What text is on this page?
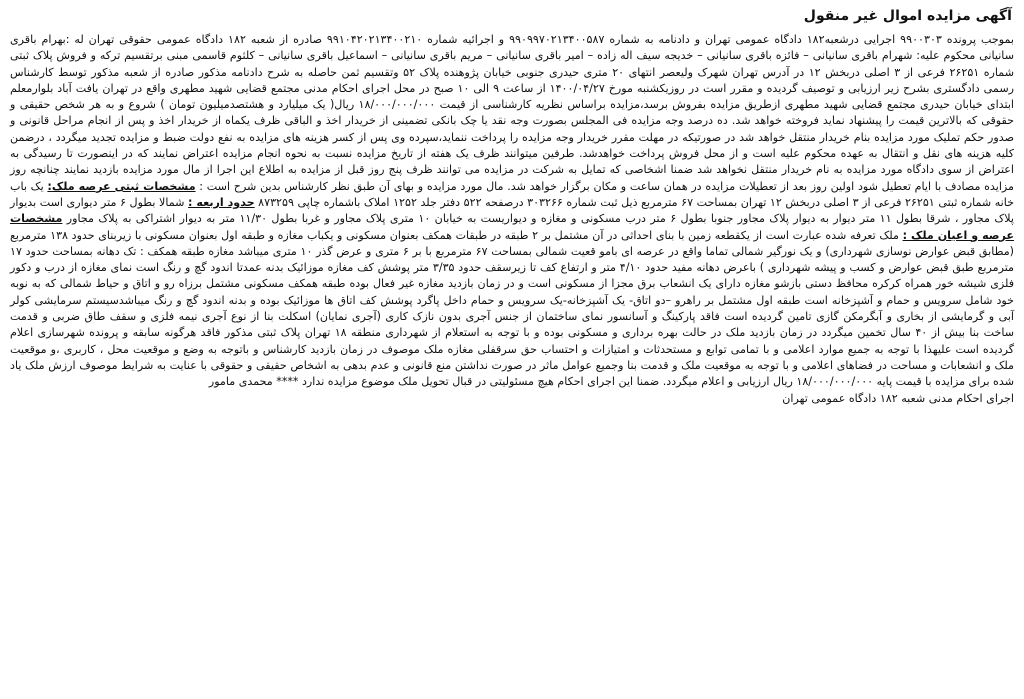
آگهی مزایده اموال غیر منقول

بموجب پرونده ۹۹۰۰۳۰۳ اجرایی درشعبه۱۸۲ دادگاه عمومی تهران و دادنامه به شماره ۹۹۰۹۹۷۰۲۱۳۴۰۰۵۸۷ و اجرائیه شماره ۹۹۱۰۴۲۰۲۱۳۴۰۰۲۱۰ صادره از شعبه ۱۸۲ دادگاه عمومی حقوقی تهران له :بهرام باقری سانیانی محکوم علیه: شهرام باقری سانیانی – فائزه باقری سانیانی – خدیجه سیف اله زاده – امیر باقری سانیانی – مریم باقری سانیانی – اسماعیل باقری سانیانی – کلثوم قاسمی مبنی برتقسیم ترکه و فروش پلاک ثبتی شماره ۲۶۲۵۱ فرعی از ۳ اصلی دربخش ۱۲ در آدرس تهران شهرک ولیعصر انتهای ۲۰ متری حیدری جنوبی خیابان پژوهنده پلاک ۵۲ وتقسیم ثمن حاصله به شرح دادنامه مذکور صادره از شعبه مذکور توسط کارشناس رسمی دادگستری بشرح زیر ارزیابی و توصیف گردیده و مقرر است در روزیکشنبه مورخ ۱۴۰۰/۰۴/۲۷ از ساعت ۹ الی ۱۰ صبح در محل اجرای احکام مدنی مجتمع قضایی شهید مطهری واقع در تهران یافت آباد بلوارمعلم ابتدای خیابان حیدری مجتمع قضایی شهید مطهری ازطریق مزایده بفروش برسد،مزایده براساس نظریه کارشناسی از قیمت ۱۸/۰۰۰/۰۰۰/۰۰۰ ریال( یک میلیارد و هشتصدمیلیون تومان ) شروع و به هر شخص حقیقی و حقوقی که بالاترین قیمت را پیشنهاد نماید فروخته خواهد شد. ده درصد وجه مزایده فی المجلس بصورت وجه نقد یا چک بانکی تضمینی از خریدار اخذ و الباقی ظرف یکماه از خریدار اخذ و پس از انجام مراحل قانونی و صدور حکم تملیک مورد مزایده بنام خریدار منتقل خواهد شد در صورتیکه در مهلت مقرر خریدار وجه مزایده را پرداخت ننماید،سپرده وی پس از کسر هزینه های مزایده به نفع دولت ضبط و مزایده تجدید میگردد ، درضمن کلیه هزینه های نقل و انتقال به عهده محکوم علیه است و از محل فروش پرداخت خواهدشد. طرفین میتوانند ظرف یک هفته از تاریخ مزایده نسبت به نحوه انجام مزایده اعتراض نمایند که در اینصورت تا رسیدگی به اعتراض از سوی دادگاه مورد مزایده به نام خریدار منتقل نخواهد شد ضمنا اشخاصی که تمایل به شرکت در مزایده می توانند ظرف پنج روز قبل از مزایده به اطلاع این اجرا از مال مورد مزایده بازدید نمایند چنانچه روز مزایده مصادف با ایام تعطیل شود اولین روز بعد از تعطیلات مزایده در همان ساعت و مکان برگزار خواهد شد. مال مورد مزایده و بهای آن طبق نظر کارشناس بدین شرح است : مشخصات ثبتی عرصه ملک: یک باب خانه شماره ثبتی ۲۶۲۵۱ فرعی از ۳ اصلی دربخش ۱۲ تهران بمساحت ۶۷ مترمربع ذیل ثبت شماره ۳۰۳۲۶۶ درصفحه ۵۲۲ دفتر جلد ۱۲۵۲ املاک باشماره چاپی ۸۷۳۲۵۹ حدود اربعه : شمالا بطول ۶ متر دیواری است بدیوار پلاک مجاور ، شرقا بطول ۱۱ متر دیوار به دیوار پلاک مجاور جنوبا بطول ۶ متر درب مسکونی و مغازه و دیواریست به خیابان ۱۰ متری پلاک مجاور و غربا بطول ۱۱/۳۰ متر به دیوار اشتراکی به پلاک مجاور مشخصات عرصه و اعیان ملک : ملک تعرفه شده عبارت است از یکقطعه زمین با بنای احداثی در آن مشتمل بر ۲ طبقه در طبقات همکف بعنوان مسکونی و یکباب مغازه و طبقه اول بعنوان مسکونی با زیربنای حدود ۱۳۸ مترمربع (مطابق قبض عوارض نوسازی شهرداری) و یک نورگیر شمالی تماما واقع در عرصه ای بامو قعیت شمالی بمساحت ۶۷ مترمربع با بر ۶ متری و عرض گذر ۱۰ متری میباشد مغازه طبقه همکف : تک دهانه بمساحت حدود ۱۷ مترمربع طبق قبض عوارض و کسب و پیشه شهرداری ) باعرض دهانه مفید حدود ۴/۱۰ متر و ارتفاع کف تا زیرسقف حدود ۳/۳۵ متر پوشش کف مغازه موزائیک بدنه عمدتا اندود گچ و رنگ است نمای مغازه از درب و دکور فلزی شیشه خور همراه کرکره محافظ دستی بازشو مغازه دارای یک انشعاب برق مجزا از مسکونی است و در زمان بازدید مغازه غیر فعال بوده طبقه همکف مسکونی مشتمل برزاه رو و اتاق و حیاط شمالی که به نوبه خود شامل سرویس و حمام و آشپزخانه است طبقه اول مشتمل بر راهرو –دو اتاق- یک آشپزخانه-یک سرویس و حمام داخل پاگرد پوشش کف اتاق ها موزائیک بوده و بدنه اندود گچ و رنگ میباشدسیستم سرمایشی کولر آبی و گرمایشی از بخاری و آبگرمکن گازی تامین گردیده است فاقد پارکینگ و آسانسور نمای ساختمان از جنس آجری بدون نازک کاری (آجری نمایان) اسکلت بنا از نوع آجری نیمه فلزی و سقف طاق ضربی و قدمت ساخت بنا بیش از ۴۰ سال تخمین میگردد در زمان بازدید ملک در حالت بهره برداری و مسکونی بوده و با توجه به استعلام از شهرداری منطقه ۱۸ تهران پلاک ثبتی مذکور فاقد هرگونه سابقه و پرونده شهرسازی اعلام گردیده است علیهذا با توجه به جمیع موارد اعلامی و با تمامی توابع و مستحدثات و امتیازات و احتساب حق سرقفلی مغازه ملک موصوف در زمان بازدید کارشناس و باتوجه به وضع و موقعیت محل ، کاربری ،و موقعیت ملک و انشعابات و مساحت در فضاهای اعلامی و با توجه به موقعیت ملک و قدمت بنا وجمیع عوامل ماثر در صورت نداشتن منع قانونی و عدم بدهی به اشخاص حقیقی و حقوقی با عنایت به شرایط موصوف ارزش ملک یاد شده برای مزایده با قیمت پایه ۱۸/۰۰۰/۰۰۰/۰۰۰ ریال ارزیابی و اعلام میگردد. ضمنا این اجرای احکام هیچ مسئولیتی در قبال تحویل ملک موضوع مزایده ندارد **** محمدی مامور

اجرای احکام مدنی شعبه ۱۸۲ دادگاه عمومی تهران
